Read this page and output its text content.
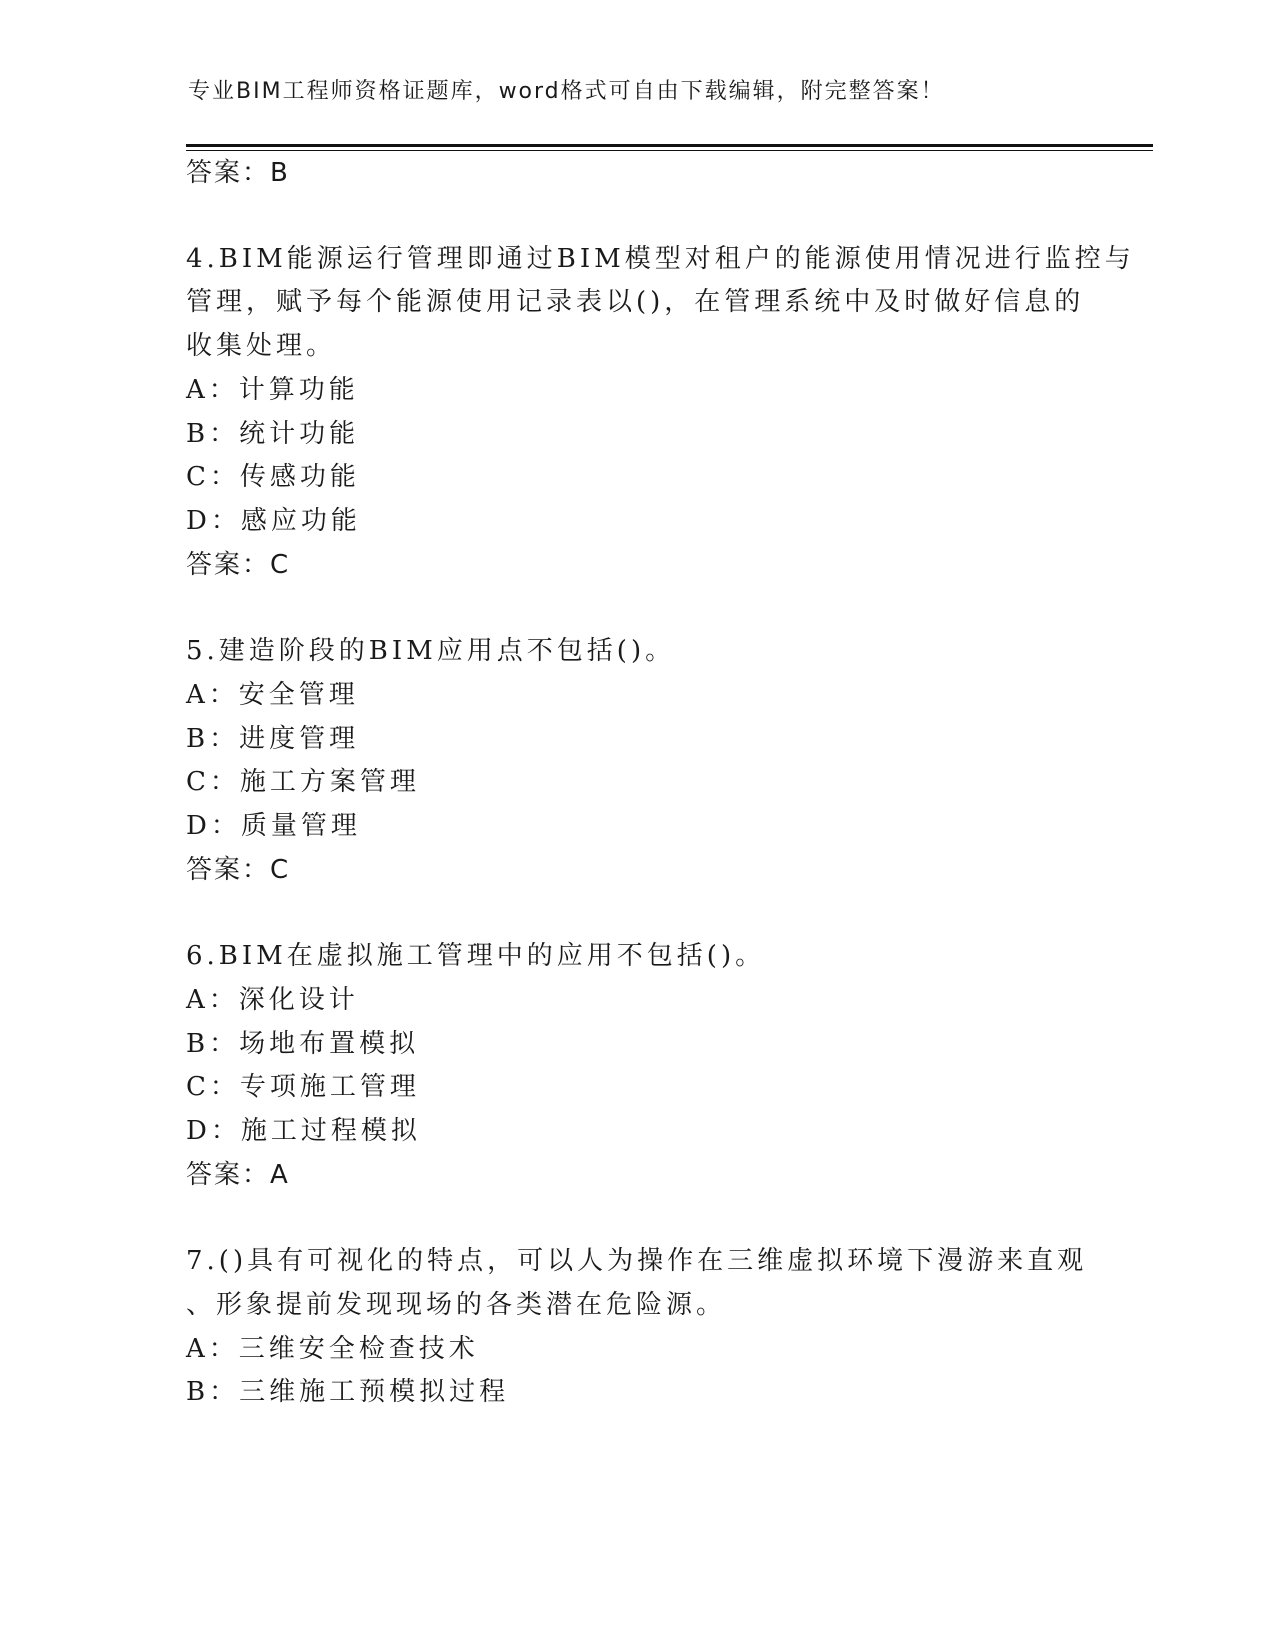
专业BIM工程师资格证题库，word格式可自由下载编辑，附完整答案！
答案：B
4.BIM能源运行管理即通过BIM模型对租户的能源使用情况进行监控与
管理，赋予每个能源使用记录表以()，在管理系统中及时做好信息的
收集处理。
A：计算功能
B：统计功能
C：传感功能
D：感应功能
答案：C
5.建造阶段的BIM应用点不包括()。
A：安全管理
B：进度管理
C：施工方案管理
D：质量管理
答案：C
6.BIM在虚拟施工管理中的应用不包括()。
A：深化设计
B：场地布置模拟
C：专项施工管理
D：施工过程模拟
答案：A
7.()具有可视化的特点，可以人为操作在三维虚拟环境下漫游来直观
、形象提前发现现场的各类潜在危险源。
A：三维安全检查技术
B：三维施工预模拟过程
